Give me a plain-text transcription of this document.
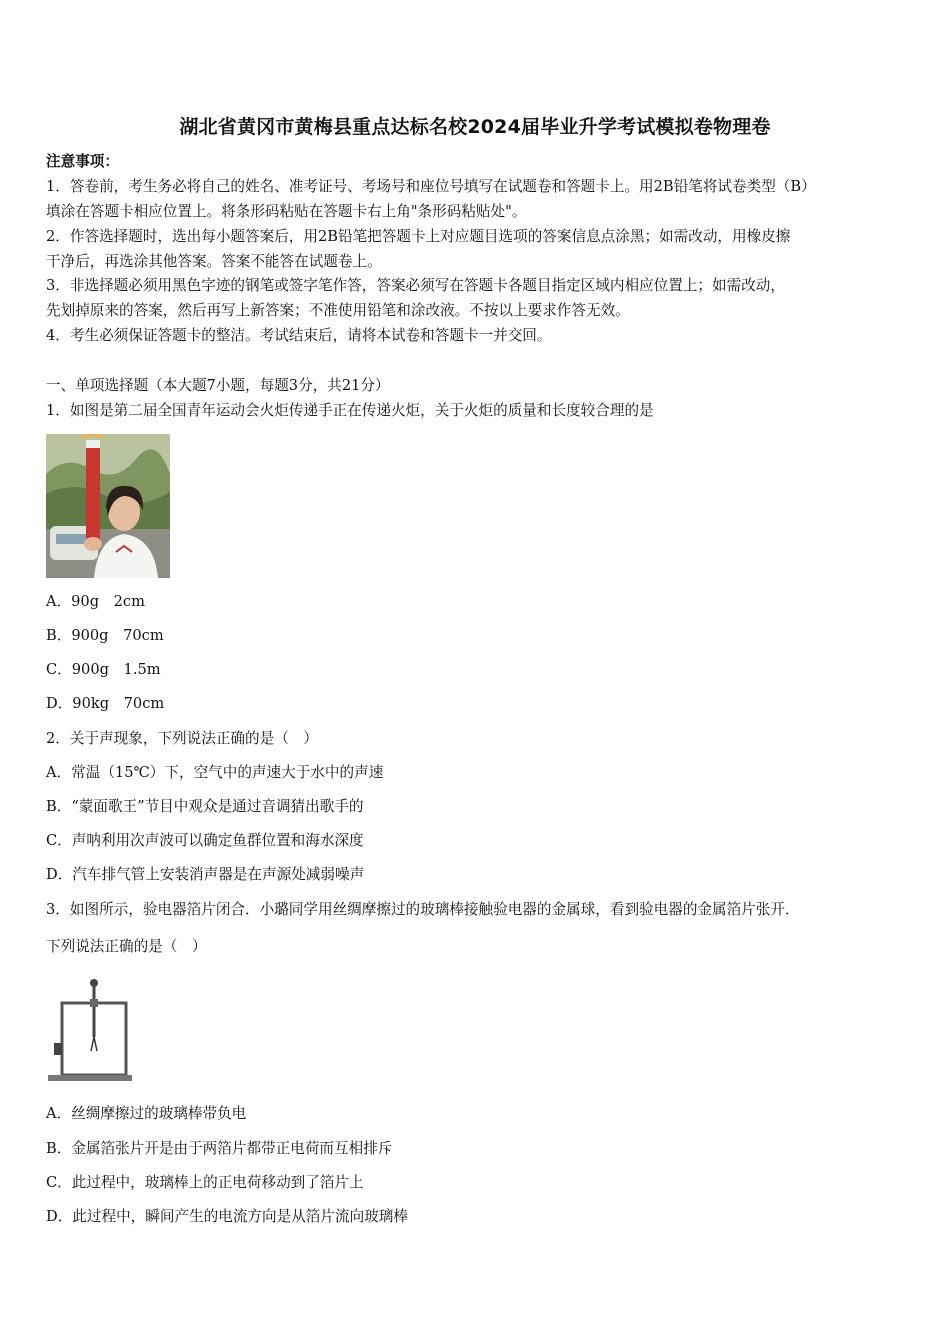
湖北省黄冈市黄梅县重点达标名校2024届毕业升学考试模拟卷物理卷
注意事项：
1．答卷前，考生务必将自己的姓名、准考证号、考场号和座位号填写在试题卷和答题卡上。用2B铅笔将试卷类型（B）
填涂在答题卡相应位置上。将条形码粘贴在答题卡右上角"条形码粘贴处"。
2．作答选择题时，选出每小题答案后，用2B铅笔把答题卡上对应题目选项的答案信息点涂黑；如需改动，用橡皮擦
干净后，再选涂其他答案。答案不能答在试题卷上。
3．非选择题必须用黑色字迹的钢笔或签字笔作答，答案必须写在答题卡各题目指定区域内相应位置上；如需改动，
先划掉原来的答案，然后再写上新答案；不准使用铅笔和涂改液。不按以上要求作答无效。
4．考生必须保证答题卡的整洁。考试结束后，请将本试卷和答题卡一并交回。
一、单项选择题（本大题7小题，每题3分，共21分）
1．如图是第二届全国青年运动会火炬传递手正在传递火炬，关于火炬的质量和长度较合理的是
A．90g　2cm
B．900g　70cm
C．900g　1.5m
D．90kg　70cm
2．关于声现象，下列说法正确的是（　）
A．常温（15℃）下，空气中的声速大于水中的声速
B．“蒙面歌王”节目中观众是通过音调猜出歌手的
C．声呐利用次声波可以确定鱼群位置和海水深度
D．汽车排气管上安装消声器是在声源处减弱噪声
3．如图所示，验电器箔片闭合．小璐同学用丝绸摩擦过的玻璃棒接触验电器的金属球，看到验电器的金属箔片张开．
下列说法正确的是（　）
A．丝绸摩擦过的玻璃棒带负电
B．金属箔张片开是由于两箔片都带正电荷而互相排斥
C．此过程中，玻璃棒上的正电荷移动到了箔片上
D．此过程中，瞬间产生的电流方向是从箔片流向玻璃棒
